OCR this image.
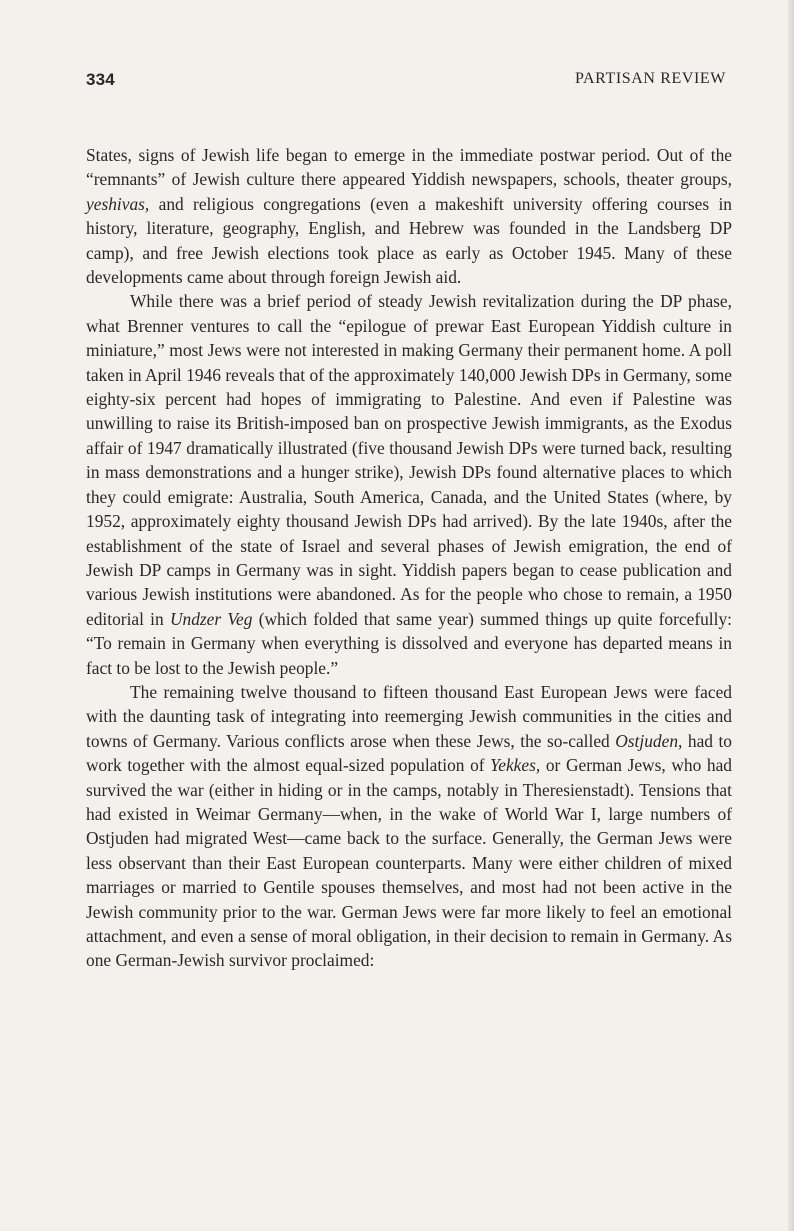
334	PARTISAN REVIEW

States, signs of Jewish life began to emerge in the immediate postwar period. Out of the “remnants” of Jewish culture there appeared Yiddish newspapers, schools, theater groups, yeshivas, and religious congregations (even a makeshift university offering courses in history, literature, geography, English, and Hebrew was founded in the Landsberg DP camp), and free Jewish elections took place as early as October 1945. Many of these developments came about through foreign Jewish aid.

While there was a brief period of steady Jewish revitalization during the DP phase, what Brenner ventures to call the “epilogue of prewar East European Yiddish culture in miniature,” most Jews were not interested in making Germany their permanent home. A poll taken in April 1946 reveals that of the approximately 140,000 Jewish DPs in Germany, some eighty-six percent had hopes of immigrating to Palestine. And even if Palestine was unwilling to raise its British-imposed ban on prospective Jewish immigrants, as the Exodus affair of 1947 dramatically illustrated (five thousand Jewish DPs were turned back, resulting in mass demonstrations and a hunger strike), Jewish DPs found alternative places to which they could emigrate: Australia, South America, Canada, and the United States (where, by 1952, approximately eighty thousand Jewish DPs had arrived). By the late 1940s, after the establishment of the state of Israel and several phases of Jewish emigration, the end of Jewish DP camps in Germany was in sight. Yiddish papers began to cease publication and various Jewish institutions were abandoned. As for the people who chose to remain, a 1950 editorial in Undzer Veg (which folded that same year) summed things up quite forcefully: “To remain in Germany when everything is dissolved and everyone has departed means in fact to be lost to the Jewish people.”

The remaining twelve thousand to fifteen thousand East European Jews were faced with the daunting task of integrating into reemerging Jewish communities in the cities and towns of Germany. Various conflicts arose when these Jews, the so-called Ostjuden, had to work together with the almost equal-sized population of Yekkes, or German Jews, who had survived the war (either in hiding or in the camps, notably in Theresienstadt). Tensions that had existed in Weimar Germany—when, in the wake of World War I, large numbers of Ostjuden had migrated West—came back to the surface. Generally, the German Jews were less observant than their East European counterparts. Many were either children of mixed marriages or married to Gentile spouses themselves, and most had not been active in the Jewish community prior to the war. German Jews were far more likely to feel an emotional attachment, and even a sense of moral obligation, in their decision to remain in Germany. As one German-Jewish survivor proclaimed:
